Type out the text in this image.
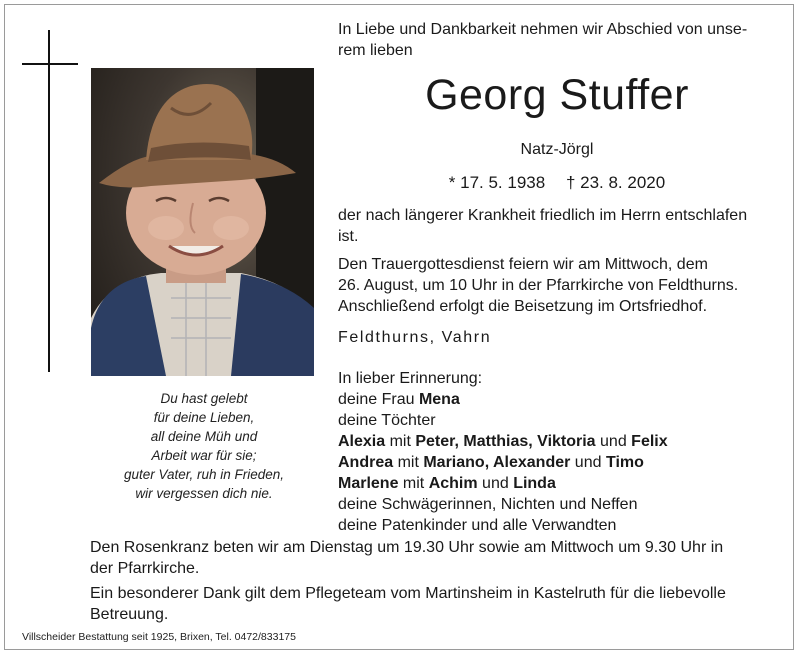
Du hast gelebt
für deine Lieben,
all deine Müh und
Arbeit war für sie;
guter Vater, ruh in Frieden,
wir vergessen dich nie.
In Liebe und Dankbarkeit nehmen wir Abschied von unse-
rem lieben
Georg Stuffer
Natz-Jörgl
* 17. 5. 1938 † 23. 8. 2020
der nach längerer Krankheit friedlich im Herrn entschlafen
ist.
Den Trauergottesdienst feiern wir am Mittwoch, dem
26. August, um 10 Uhr in der Pfarrkirche von Feldthurns.
Anschließend erfolgt die Beisetzung im Ortsfriedhof.
Feldthurns, Vahrn
In lieber Erinnerung:
deine Frau Mena
deine Töchter
Alexia mit Peter, Matthias, Viktoria und Felix
Andrea mit Mariano, Alexander und Timo
Marlene mit Achim und Linda
deine Schwägerinnen, Nichten und Neffen
deine Patenkinder und alle Verwandten
Den Rosenkranz beten wir am Dienstag um 19.30 Uhr sowie am Mittwoch um 9.30 Uhr in
der Pfarrkirche.
Ein besonderer Dank gilt dem Pflegeteam vom Martinsheim in Kastelruth für die liebevolle
Betreuung.
Villscheider Bestattung seit 1925, Brixen, Tel. 0472/833175
